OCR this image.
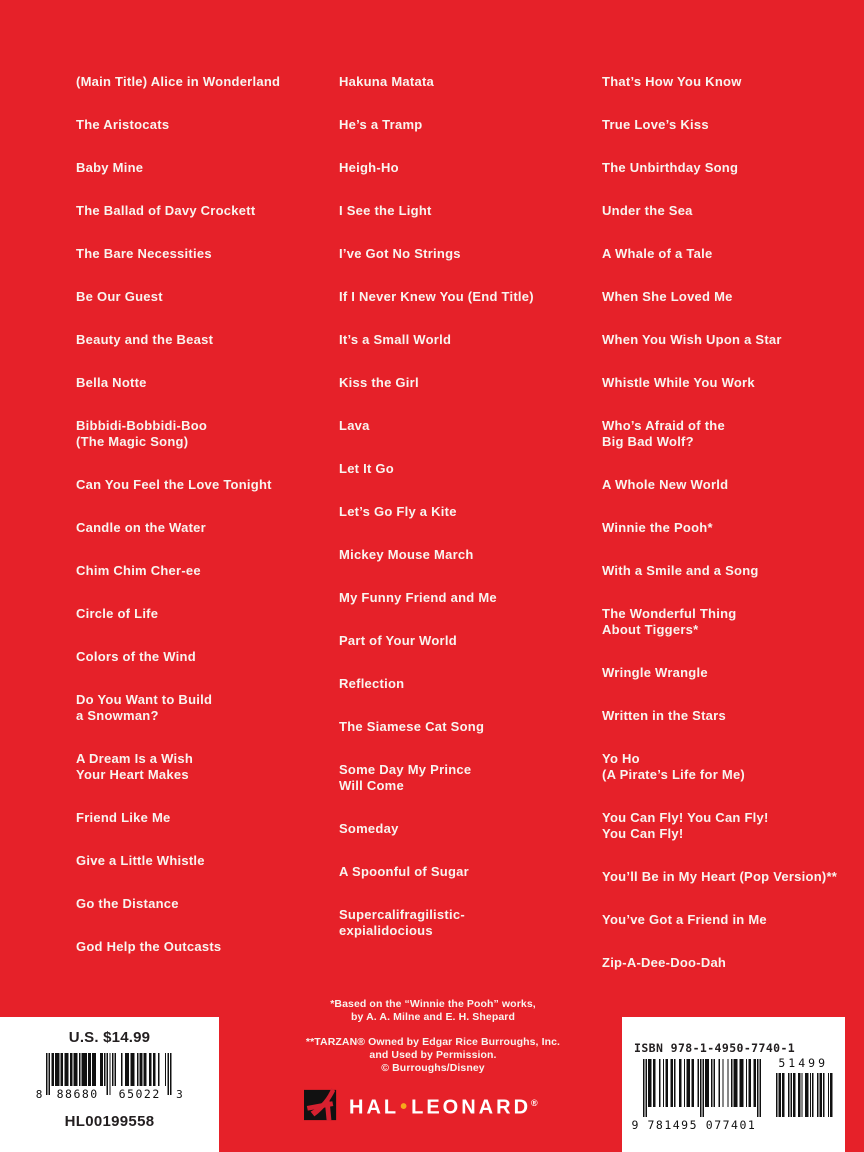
(Main Title) Alice in Wonderland
The Aristocats
Baby Mine
The Ballad of Davy Crockett
The Bare Necessities
Be Our Guest
Beauty and the Beast
Bella Notte
Bibbidi-Bobbidi-Boo
(The Magic Song)
Can You Feel the Love Tonight
Candle on the Water
Chim Chim Cher-ee
Circle of Life
Colors of the Wind
Do You Want to Build
a Snowman?
A Dream Is a Wish
Your Heart Makes
Friend Like Me
Give a Little Whistle
Go the Distance
God Help the Outcasts
Hakuna Matata
He’s a Tramp
Heigh-Ho
I See the Light
I’ve Got No Strings
If I Never Knew You (End Title)
It’s a Small World
Kiss the Girl
Lava
Let It Go
Let’s Go Fly a Kite
Mickey Mouse March
My Funny Friend and Me
Part of Your World
Reflection
The Siamese Cat Song
Some Day My Prince
Will Come
Someday
A Spoonful of Sugar
Supercalifragilistic-
expialidocious
That’s How You Know
True Love’s Kiss
The Unbirthday Song
Under the Sea
A Whale of a Tale
When She Loved Me
When You Wish Upon a Star
Whistle While You Work
Who’s Afraid of the
Big Bad Wolf?
A Whole New World
Winnie the Pooh*
With a Smile and a Song
The Wonderful Thing
About Tiggers*
Wringle Wrangle
Written in the Stars
Yo Ho
(A Pirate’s Life for Me)
You Can Fly! You Can Fly!
You Can Fly!
You’ll Be in My Heart (Pop Version)**
You’ve Got a Friend in Me
Zip-A-Dee-Doo-Dah

*Based on the “Winnie the Pooh” works,
by A. A. Milne and E. H. Shepard

**TARZAN® Owned by Edgar Rice Burroughs, Inc.
and Used by Permission.
© Burroughs/Disney

U.S. $14.99
8 88680 65022 3
HL00199558
HAL•LEONARD®
ISBN 978-1-4950-7740-1
9 781495 077401
51499
